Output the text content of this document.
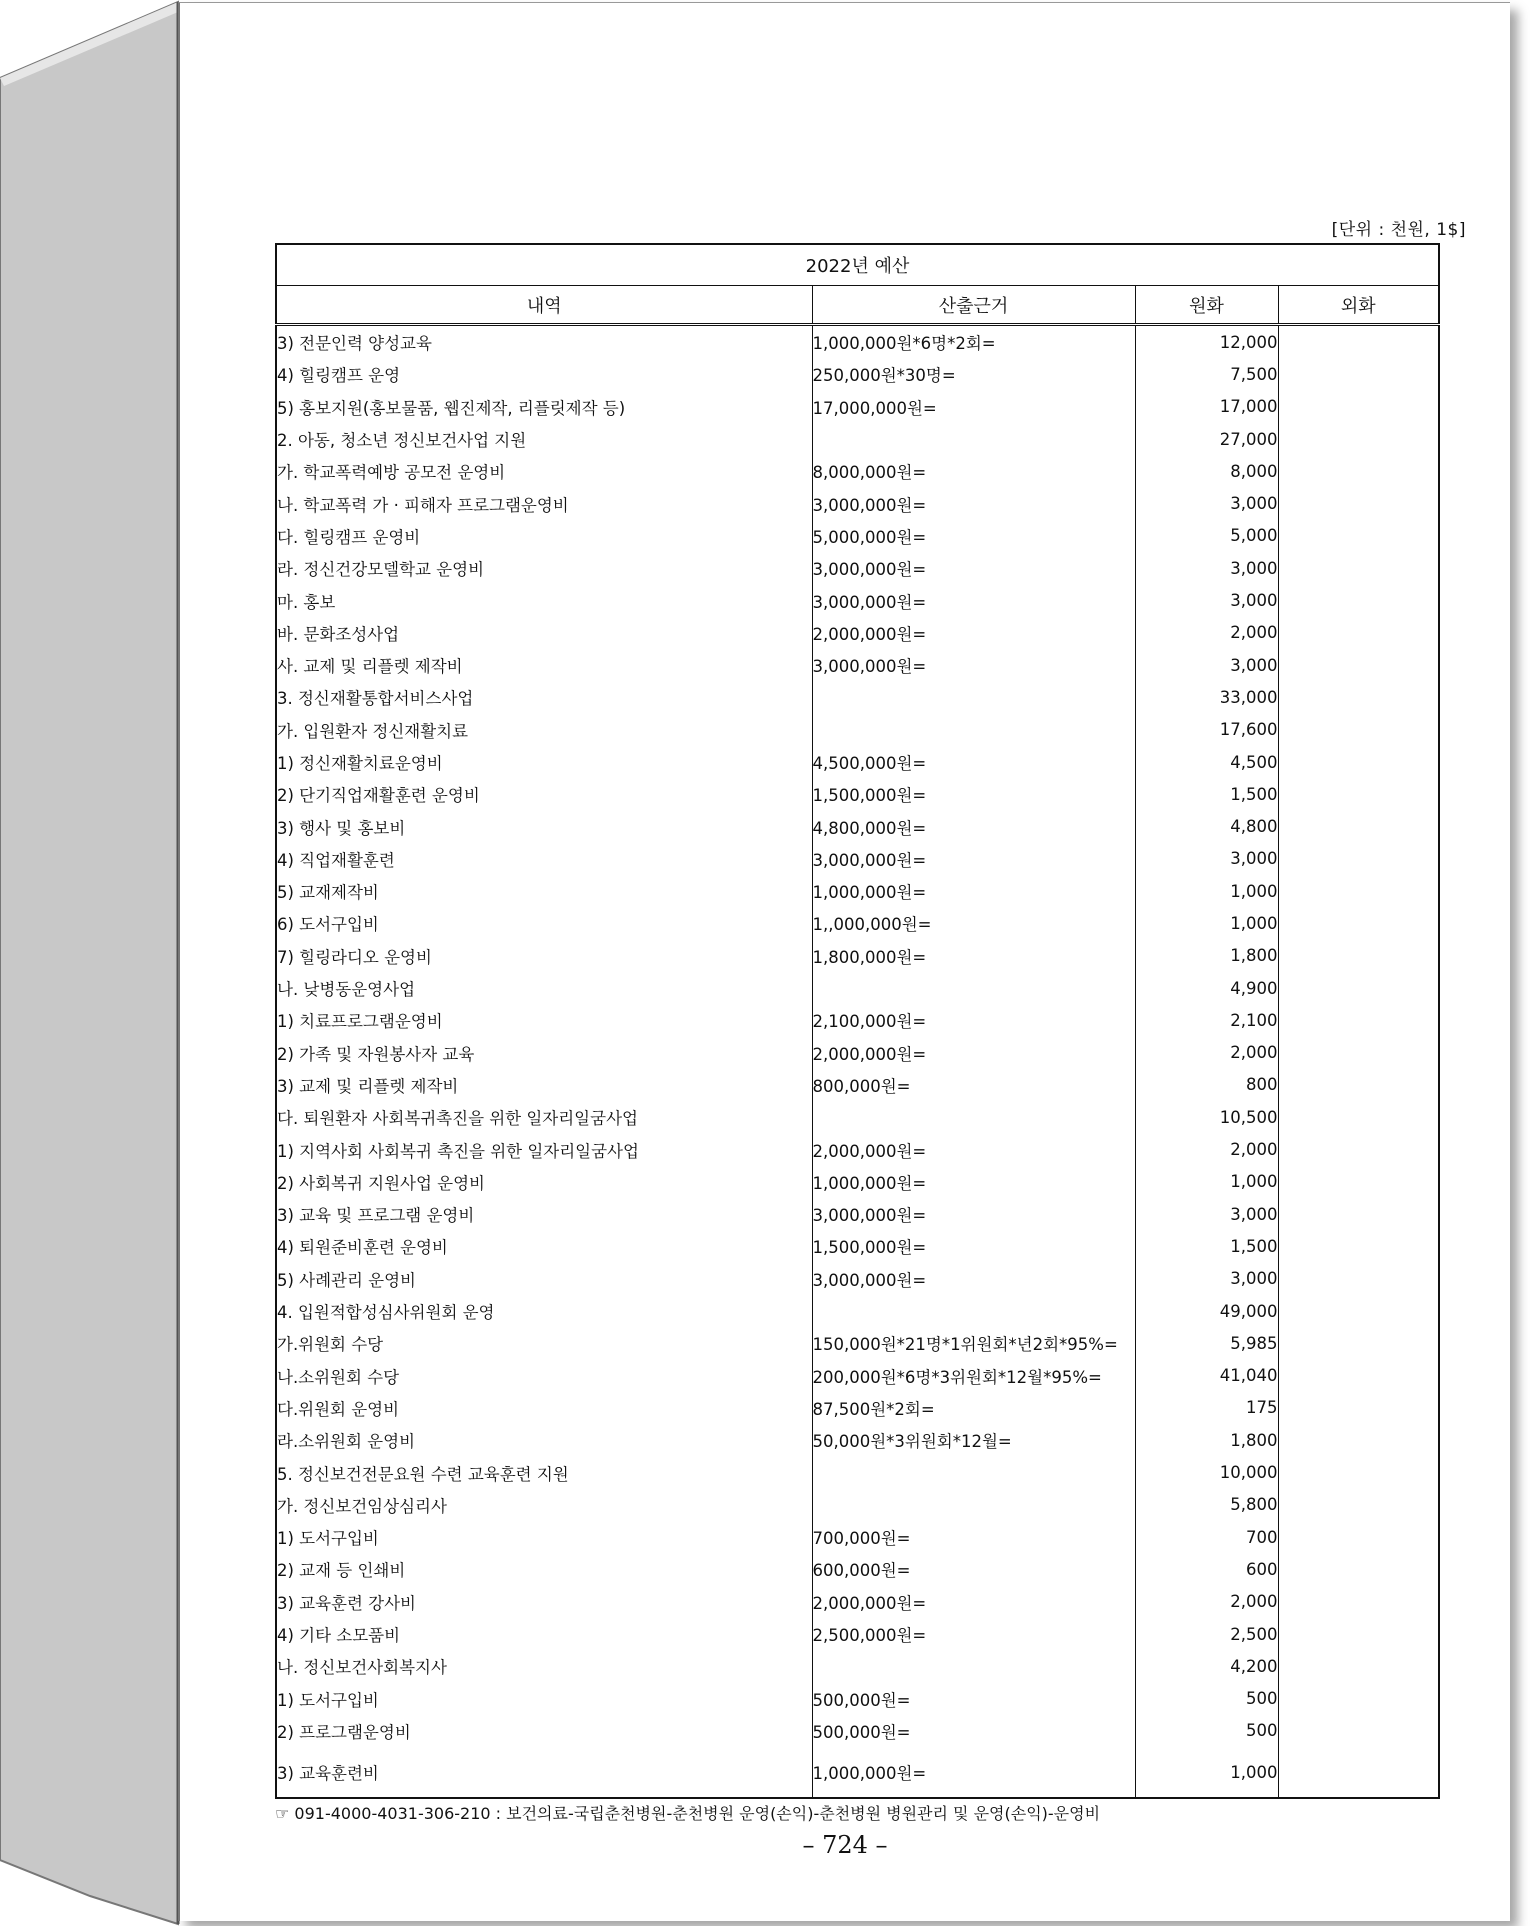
[단위 : 천원, 1$]
2022년 예산			
내역	산출근거	원화	외화
3) 전문인력 양성교육	1,000,000원*6명*2회=	12,000	
4) 힐링캠프 운영	250,000원*30명=	7,500	
5) 홍보지원(홍보물품, 웹진제작, 리플릿제작 등)	17,000,000원=	17,000	
2. 아동, 청소년 정신보건사업 지원		27,000	
가. 학교폭력예방 공모전 운영비	8,000,000원=	8,000	
나. 학교폭력 가 · 피해자 프로그램운영비	3,000,000원=	3,000	
다. 힐링캠프 운영비	5,000,000원=	5,000	
라. 정신건강모델학교 운영비	3,000,000원=	3,000	
마. 홍보	3,000,000원=	3,000	
바. 문화조성사업	2,000,000원=	2,000	
사. 교제 및 리플렛 제작비	3,000,000원=	3,000	
3. 정신재활통합서비스사업		33,000	
가. 입원환자 정신재활치료		17,600	
1) 정신재활치료운영비	4,500,000원=	4,500	
2) 단기직업재활훈련 운영비	1,500,000원=	1,500	
3) 행사 및 홍보비	4,800,000원=	4,800	
4) 직업재활훈련	3,000,000원=	3,000	
5) 교재제작비	1,000,000원=	1,000	
6) 도서구입비	1,,000,000원=	1,000	
7) 힐링라디오 운영비	1,800,000원=	1,800	
나. 낮병동운영사업		4,900	
1) 치료프로그램운영비	2,100,000원=	2,100	
2) 가족 및 자원봉사자 교육	2,000,000원=	2,000	
3) 교제 및 리플렛 제작비	800,000원=	800	
다. 퇴원환자 사회복귀촉진을 위한 일자리일굼사업		10,500	
1) 지역사회 사회복귀 촉진을 위한 일자리일굼사업	2,000,000원=	2,000	
2) 사회복귀 지원사업 운영비	1,000,000원=	1,000	
3) 교육 및 프로그램 운영비	3,000,000원=	3,000	
4) 퇴원준비훈련 운영비	1,500,000원=	1,500	
5) 사례관리 운영비	3,000,000원=	3,000	
4. 입원적합성심사위원회 운영		49,000	
가.위원회 수당	150,000원*21명*1위원회*년2회*95%=	5,985	
나.소위원회 수당	200,000원*6명*3위원회*12월*95%=	41,040	
다.위원회 운영비	87,500원*2회=	175	
라.소위원회 운영비	50,000원*3위원회*12월=	1,800	
5. 정신보건전문요원 수련 교육훈련 지원		10,000	
가. 정신보건임상심리사		5,800	
1) 도서구입비	700,000원=	700	
2) 교재 등 인쇄비	600,000원=	600	
3) 교육훈련 강사비	2,000,000원=	2,000	
4) 기타 소모품비	2,500,000원=	2,500	
나. 정신보건사회복지사		4,200	
1) 도서구입비	500,000원=	500	
2) 프로그램운영비	500,000원=	500	
3) 교육훈련비	1,000,000원=	1,000	
☞ 091-4000-4031-306-210 : 보건의료-국립춘천병원-춘천병원 운영(손익)-춘천병원 병원관리 및 운영(손익)-운영비
– 724 –
